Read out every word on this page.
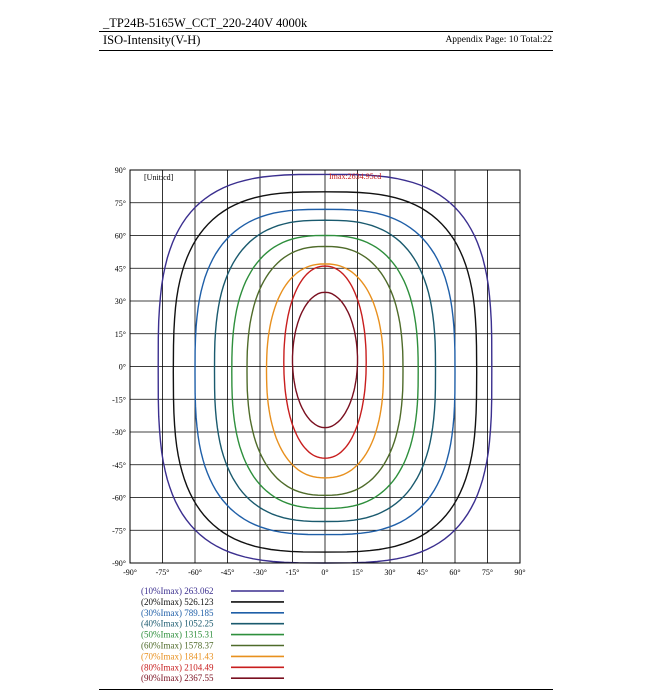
_TP24B-5165W_CCT_220-240V 4000k
ISO-Intensity(V-H)	Appendix Page: 10 Total:22
-90° -75° -60° -45° -30° -15°	0°	15°	30°	45°	60°	75°	90°
90°
75°
60°
45°
30°
15°
0°
-15°
-30°
-45°
-60°
-75°
-90°
[Unit:cd]	Imax:2634.95cd
(10%Imax) 263.062
(20%Imax) 526.123
(30%Imax) 789.185
(40%Imax) 1052.25
(50%Imax) 1315.31
(60%Imax) 1578.37
(70%Imax) 1841.43
(80%Imax) 2104.49
(90%Imax) 2367.55
